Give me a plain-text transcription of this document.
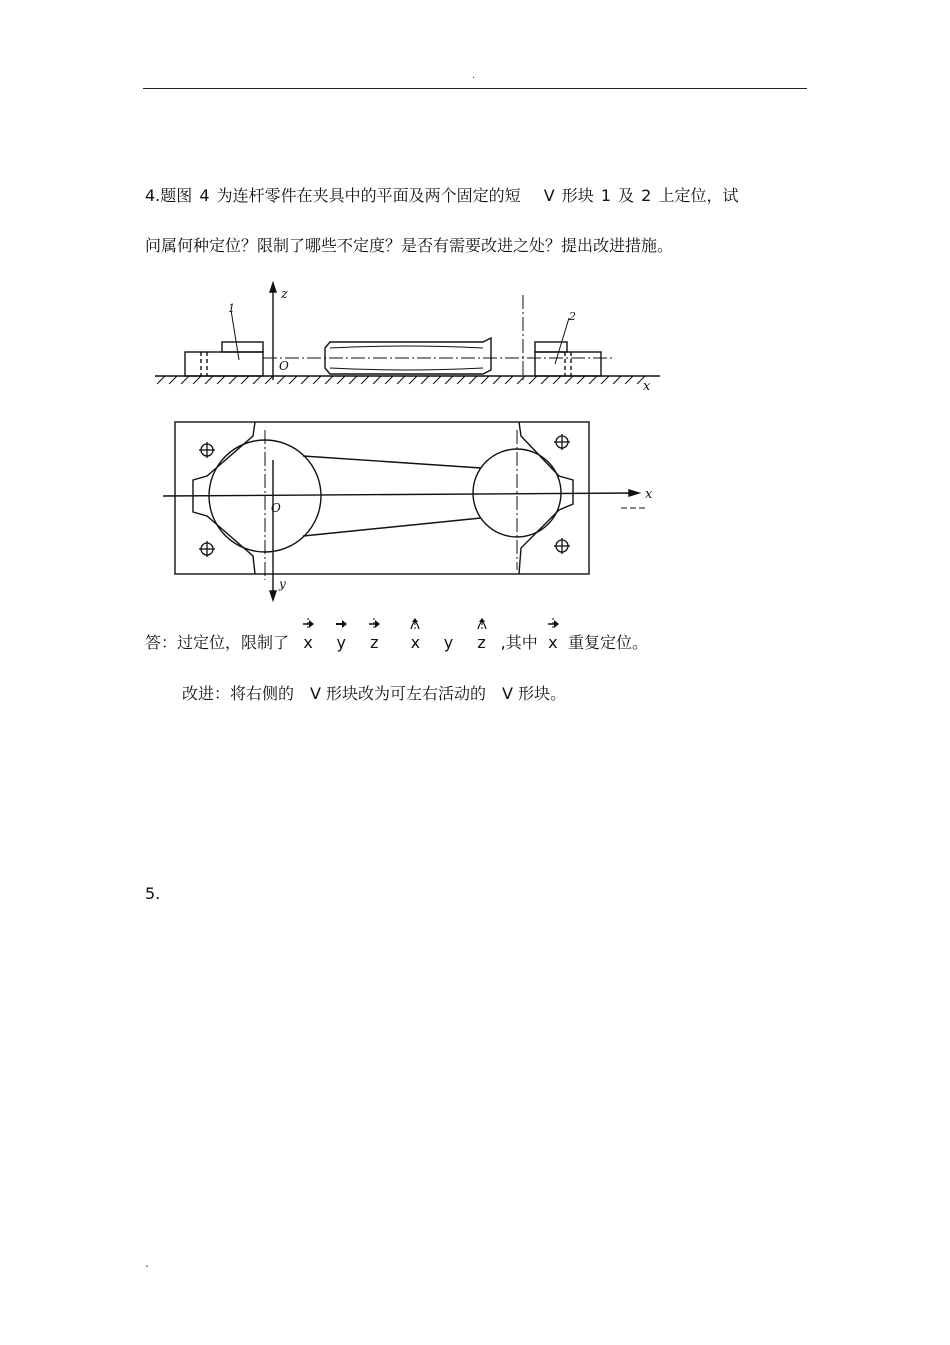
.
4.题图 4 为连杆零件在夹具中的平面及两个固定的短　 V 形块 1 及 2 上定位，试
问属何种定位？限制了哪些不定度？是否有需要改进之处？提出改进措施。
z
O
x
1
2
x
O
y
答：过定位，限制了 x y z x y z ,其中 x 重复定位。
改进：将右侧的　V 形块改为可左右活动的　V 形块。
5.
.
